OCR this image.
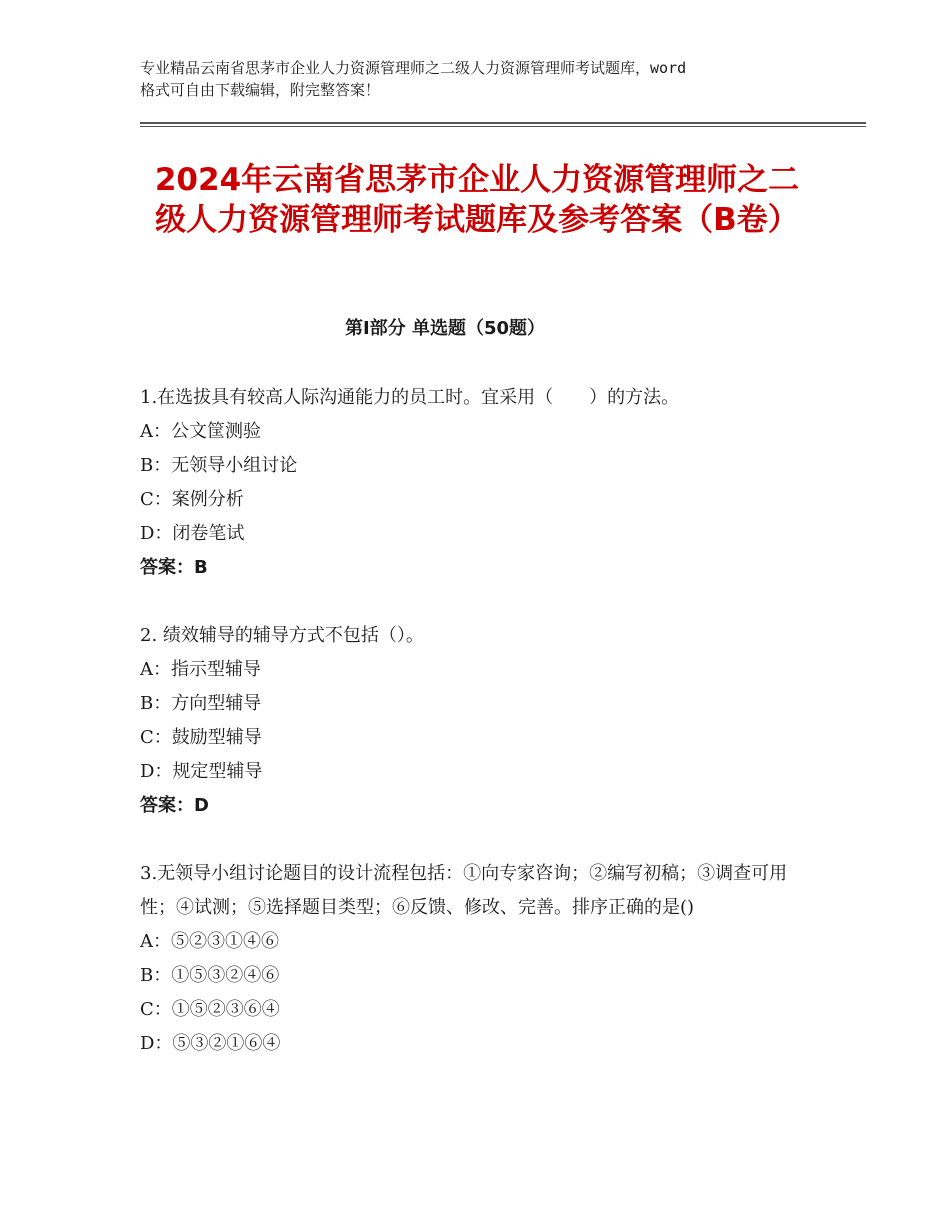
专业精品云南省思茅市企业人力资源管理师之二级人力资源管理师考试题库，word

格式可自由下载编辑，附完整答案！

2024年云南省思茅市企业人力资源管理师之二级人力资源管理师考试题库及参考答案（B卷）
第Ⅰ部分 单选题（50题）

1.在选拔具有较高人际沟通能力的员工时。宜采用（　　）的方法。

A：公文筐测验

B：无领导小组讨论

C：案例分析

D：闭卷笔试

答案：B

2. 绩效辅导的辅导方式不包括（）。

A：指示型辅导

B：方向型辅导

C：鼓励型辅导

D：规定型辅导

答案：D

3.无领导小组讨论题目的设计流程包括：①向专家咨询；②编写初稿；③调查可用性；④试测；⑤选择题目类型；⑥反馈、修改、完善。排序正确的是()

A：⑤②③①④⑥

B：①⑤③②④⑥

C：①⑤②③⑥④

D：⑤③②①⑥④
